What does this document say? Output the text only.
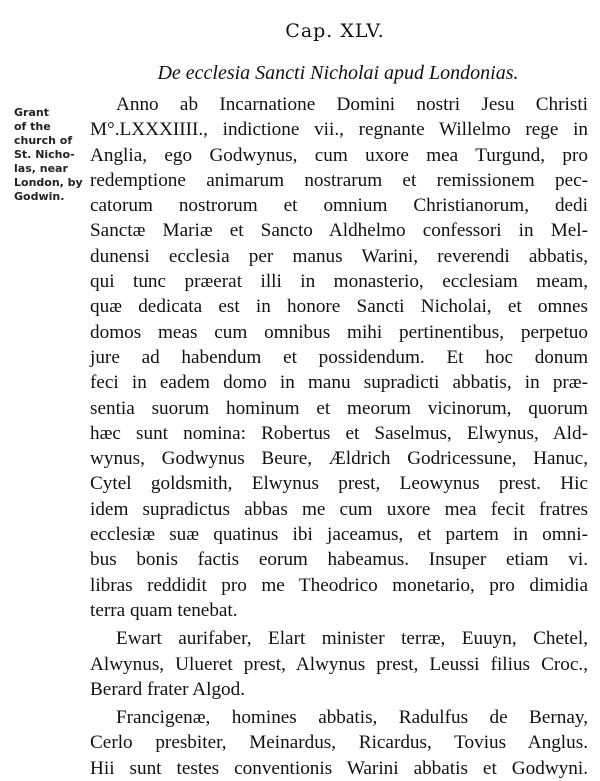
Cap. XLV.
De ecclesia Sancti Nicholai apud Londonias.
Grant
of the
church of
St. Nicho-
las, near
London, by
Godwin.
Anno ab Incarnatione Domini nostri Jesu Christi
M°.LXXXIIII., indictione vii., regnante Willelmo rege in
Anglia, ego Godwynus, cum uxore mea Turgund, pro
redemptione animarum nostrarum et remissionem pec-
catorum nostrorum et omnium Christianorum, dedi
Sanctæ Mariæ et Sancto Aldhelmo confessori in Mel-
dunensi ecclesia per manus Warini, reverendi abbatis,
qui tunc præerat illi in monasterio, ecclesiam meam,
quæ dedicata est in honore Sancti Nicholai, et omnes
domos meas cum omnibus mihi pertinentibus, perpetuo
jure ad habendum et possidendum. Et hoc donum
feci in eadem domo in manu supradicti abbatis, in præ-
sentia suorum hominum et meorum vicinorum, quorum
hæc sunt nomina: Robertus et Saselmus, Elwynus, Ald-
wynus, Godwynus Beure, Ældrich Godricessune, Hanuc,
Cytel goldsmith, Elwynus prest, Leowynus prest. Hic
idem supradictus abbas me cum uxore mea fecit fratres
ecclesiæ suæ quatinus ibi jaceamus, et partem in omni-
bus bonis factis eorum habeamus. Insuper etiam vi.
libras reddidit pro me Theodrico monetario, pro dimidia
terra quam tenebat.
Ewart aurifaber, Elart minister terræ, Euuyn, Chetel,
Alwynus, Ulueret prest, Alwynus prest, Leussi filius Croc.,
Berard frater Algod.
Francigenæ, homines abbatis, Radulfus de Bernay,
Cerlo presbiter, Meinardus, Ricardus, Tovius Anglus.
Hii sunt testes conventionis Warini abbatis et Godwyni.
